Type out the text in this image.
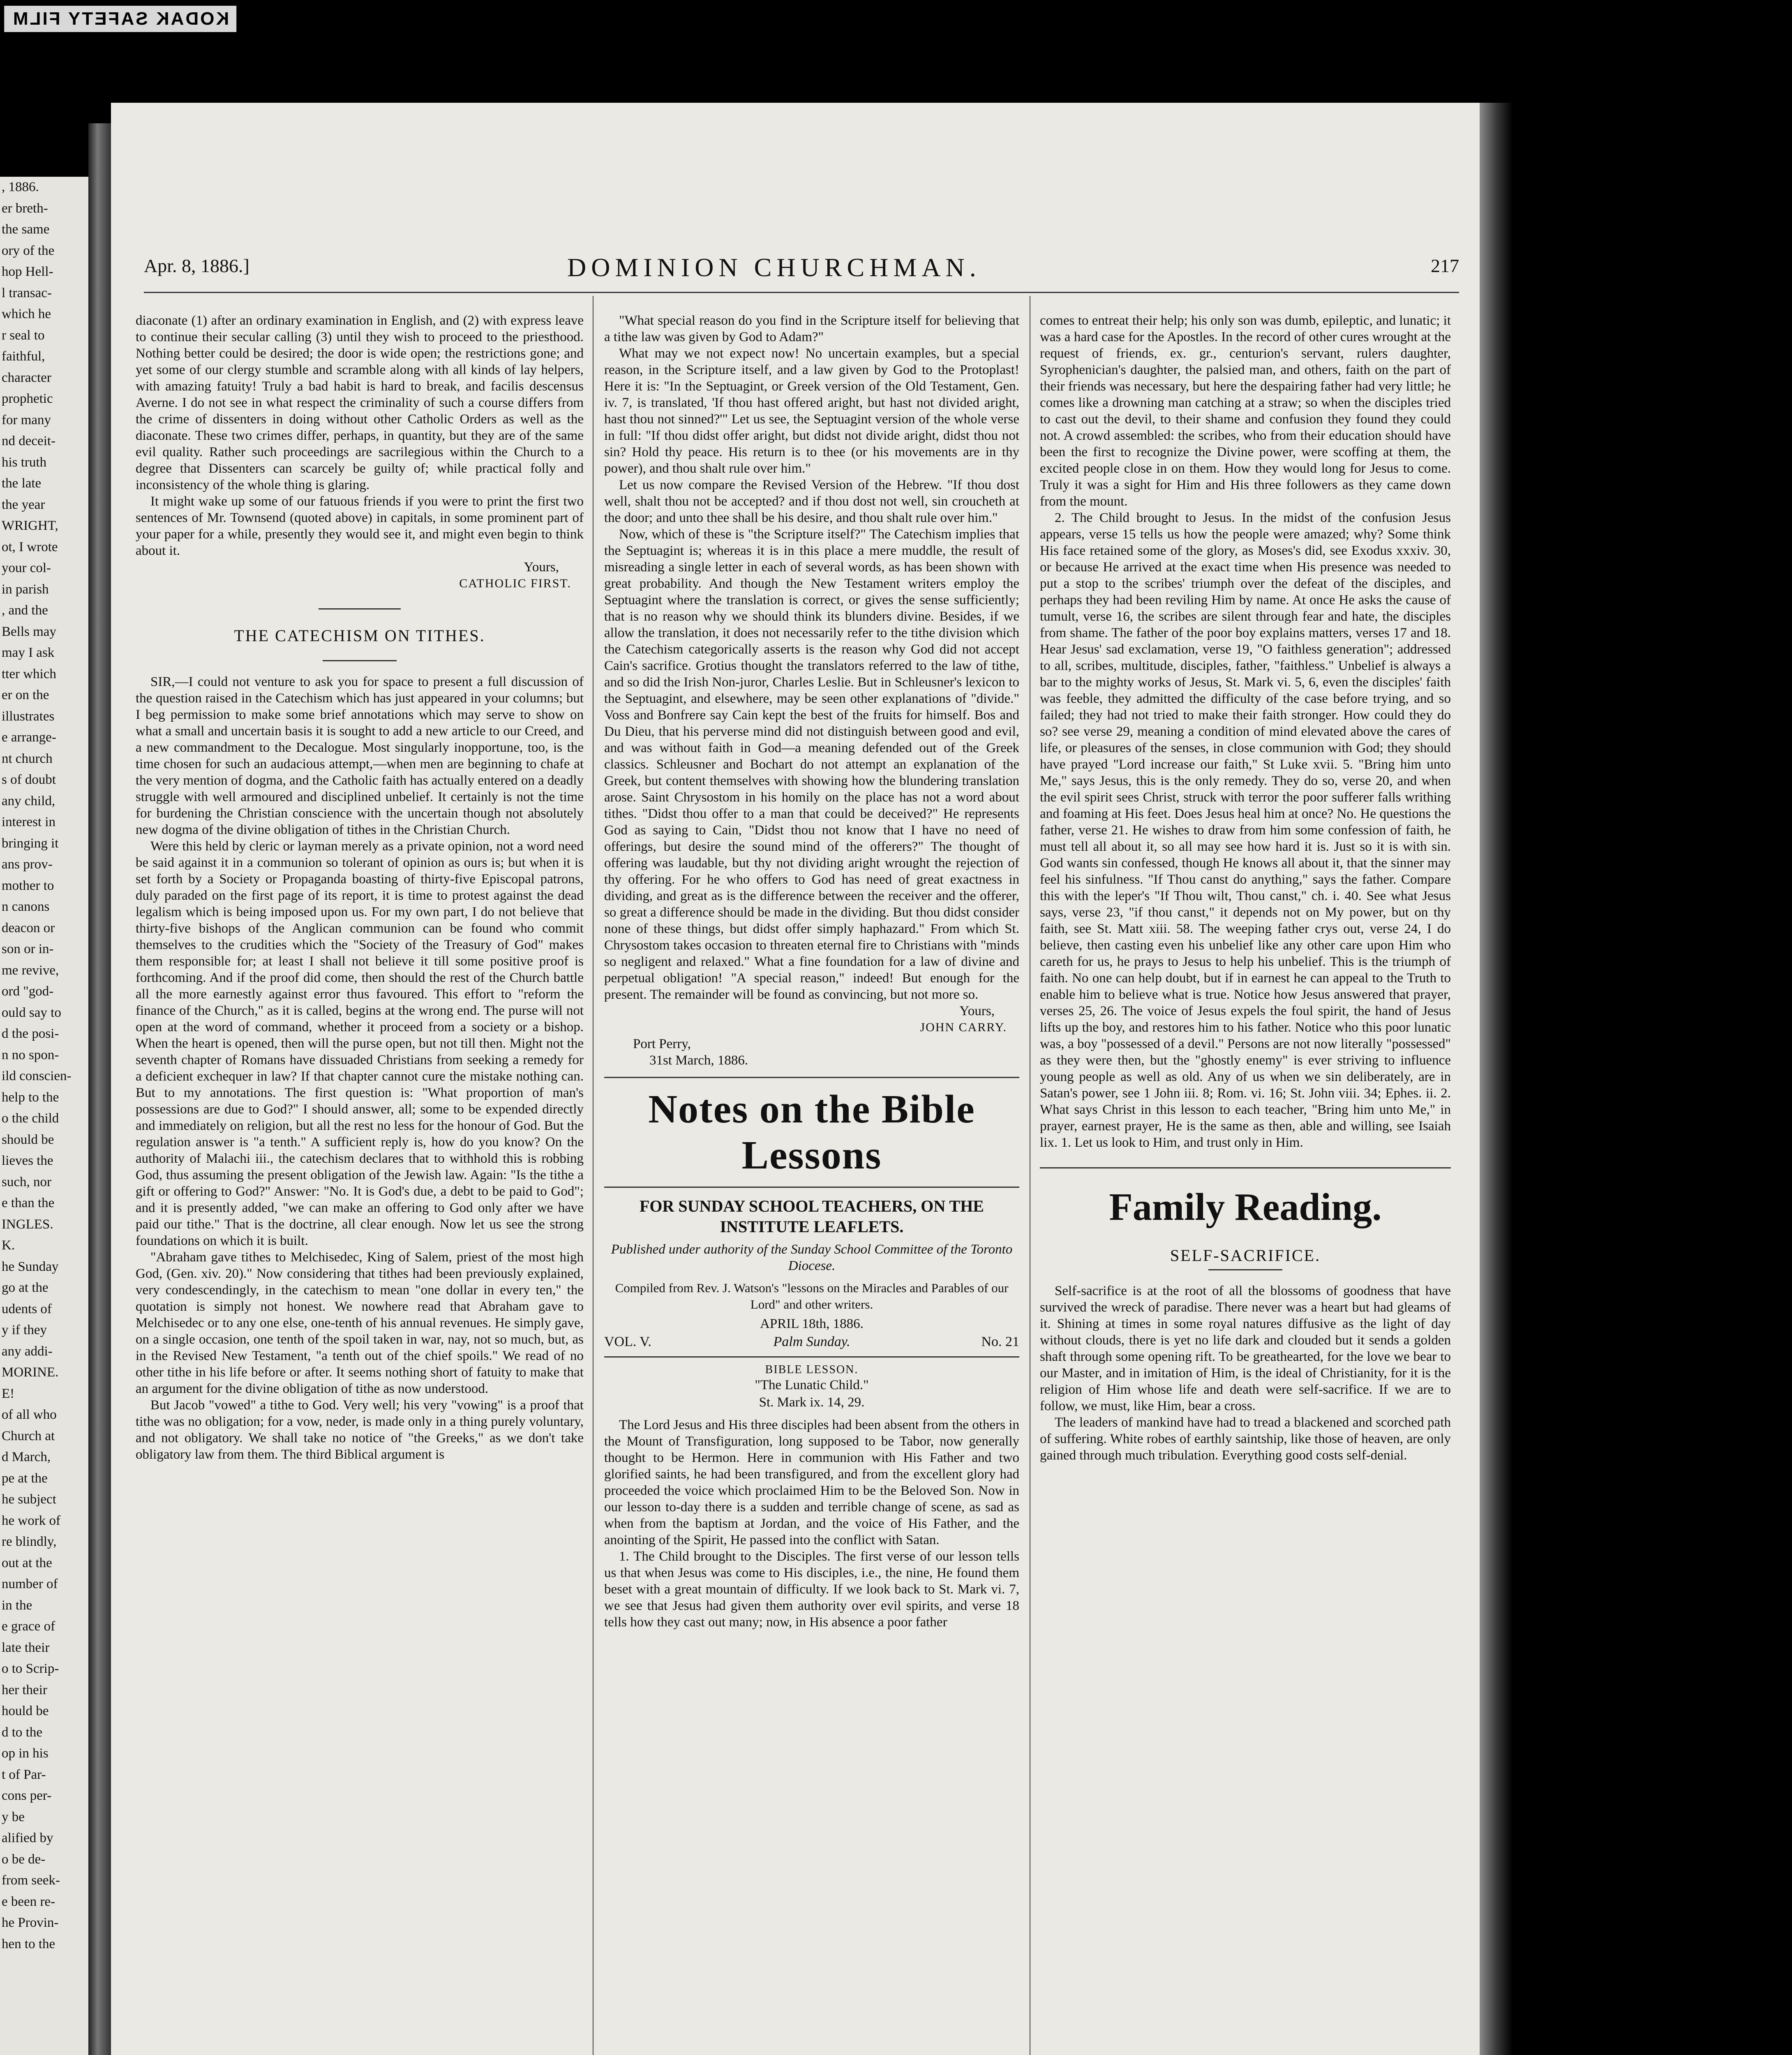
KODAK SAFETY FILM
, 1886.
er breth-
the same
ory of the
hop Hell-
l transac-
which he
r seal to
faithful,
character
prophetic
for many
nd deceit-
his truth
the late
the year
WRIGHT,
ot, I wrote
your col-
in parish
, and the
Bells may
may I ask
tter which
er on the
illustrates
e arrange-
nt church
s of doubt
any child,
interest in
bringing it
ans prov-
mother to
n canons
deacon or
son or in-
me revive,
ord "god-
ould say to
d the posi-
n no spon-
ild conscien-
help to the
o the child
should be
lieves the
such, nor
e than the
INGLES.
K.
he Sunday
go at the
udents of
y if they
any addi-
MORINE.
E!
of all who
Church at
d March,
pe at the
he subject
he work of
re blindly,
out at the
number of
in the
e grace of
late their
o to Scrip-
her their
hould be
d to the
op in his
t of Par-
cons per-
y be
alified by
o be de-
from seek-
e been re-
he Provin-
hen to the
Apr. 8, 1886.]	DOMINION CHURCHMAN.	217

diaconate (1) after an ordinary examination in English, and (2) with express leave to continue their secular calling (3) until they wish to proceed to the priesthood. Nothing better could be desired; the door is wide open; the restrictions gone; and yet some of our clergy stumble and scramble along with all kinds of lay helpers, with amazing fatuity! Truly a bad habit is hard to break, and facilis descensus Averne. I do not see in what respect the criminality of such a course differs from the crime of dissenters in doing without other Catholic Orders as well as the diaconate. These two crimes differ, perhaps, in quantity, but they are of the same evil quality. Rather such proceedings are sacrilegious within the Church to a degree that Dissenters can scarcely be guilty of; while practical folly and inconsistency of the whole thing is glaring.

It might wake up some of our fatuous friends if you were to print the first two sentences of Mr. Townsend (quoted above) in capitals, in some prominent part of your paper for a while, presently they would see it, and might even begin to think about it.

Yours,
CATHOLIC FIRST.
THE CATECHISM ON TITHES.

SIR,—I could not venture to ask you for space to present a full discussion of the question raised in the Catechism which has just appeared in your columns; but I beg permission to make some brief annotations which may serve to show on what a small and uncertain basis it is sought to add a new article to our Creed, and a new commandment to the Decalogue. Most singularly inopportune, too, is the time chosen for such an audacious attempt,—when men are beginning to chafe at the very mention of dogma, and the Catholic faith has actually entered on a deadly struggle with well armoured and disciplined unbelief. It certainly is not the time for burdening the Christian conscience with the uncertain though not absolutely new dogma of the divine obligation of tithes in the Christian Church.

Were this held by cleric or layman merely as a private opinion, not a word need be said against it in a communion so tolerant of opinion as ours is; but when it is set forth by a Society or Propaganda boasting of thirty-five Episcopal patrons, duly paraded on the first page of its report, it is time to protest against the dead legalism which is being imposed upon us. For my own part, I do not believe that thirty-five bishops of the Anglican communion can be found who commit themselves to the crudities which the "Society of the Treasury of God" makes them responsible for; at least I shall not believe it till some positive proof is forthcoming. And if the proof did come, then should the rest of the Church battle all the more earnestly against error thus favoured. This effort to "reform the finance of the Church," as it is called, begins at the wrong end. The purse will not open at the word of command, whether it proceed from a society or a bishop. When the heart is opened, then will the purse open, but not till then. Might not the seventh chapter of Romans have dissuaded Christians from seeking a remedy for a deficient exchequer in law? If that chapter cannot cure the mistake nothing can. But to my annotations. The first question is: "What proportion of man's possessions are due to God?" I should answer, all; some to be expended directly and immediately on religion, but all the rest no less for the honour of God. But the regulation answer is "a tenth." A sufficient reply is, how do you know? On the authority of Malachi iii., the catechism declares that to withhold this is robbing God, thus assuming the present obligation of the Jewish law. Again: "Is the tithe a gift or offering to God?" Answer: "No. It is God's due, a debt to be paid to God"; and it is presently added, "we can make an offering to God only after we have paid our tithe." That is the doctrine, all clear enough. Now let us see the strong foundations on which it is built.

"Abraham gave tithes to Melchisedec, King of Salem, priest of the most high God, (Gen. xiv. 20)." Now considering that tithes had been previously explained, very condescendingly, in the catechism to mean "one dollar in every ten," the quotation is simply not honest. We nowhere read that Abraham gave to Melchisedec or to any one else, one-tenth of his annual revenues. He simply gave, on a single occasion, one tenth of the spoil taken in war, nay, not so much, but, as in the Revised New Testament, "a tenth out of the chief spoils." We read of no other tithe in his life before or after. It seems nothing short of fatuity to make that an argument for the divine obligation of tithe as now understood.

But Jacob "vowed" a tithe to God. Very well; his very "vowing" is a proof that tithe was no obligation; for a vow, neder, is made only in a thing purely voluntary, and not obligatory. We shall take no notice of "the Greeks," as we don't take obligatory law from them. The third Biblical argument is

"What special reason do you find in the Scripture itself for believing that a tithe law was given by God to Adam?"

What may we not expect now! No uncertain examples, but a special reason, in the Scripture itself, and a law given by God to the Protoplast! Here it is: "In the Septuagint, or Greek version of the Old Testament, Gen. iv. 7, is translated, 'If thou hast offered aright, but hast not divided aright, hast thou not sinned?'" Let us see, the Septuagint version of the whole verse in full: "If thou didst offer aright, but didst not divide aright, didst thou not sin? Hold thy peace. His return is to thee (or his movements are in thy power), and thou shalt rule over him."

Let us now compare the Revised Version of the Hebrew. "If thou dost well, shalt thou not be accepted? and if thou dost not well, sin croucheth at the door; and unto thee shall be his desire, and thou shalt rule over him."

Now, which of these is "the Scripture itself?" The Catechism implies that the Septuagint is; whereas it is in this place a mere muddle, the result of misreading a single letter in each of several words, as has been shown with great probability. And though the New Testament writers employ the Septuagint where the translation is correct, or gives the sense sufficiently; that is no reason why we should think its blunders divine. Besides, if we allow the translation, it does not necessarily refer to the tithe division which the Catechism categorically asserts is the reason why God did not accept Cain's sacrifice. Grotius thought the translators referred to the law of tithe, and so did the Irish Non-juror, Charles Leslie. But in Schleusner's lexicon to the Septuagint, and elsewhere, may be seen other explanations of "divide." Voss and Bonfrere say Cain kept the best of the fruits for himself. Bos and Du Dieu, that his perverse mind did not distinguish between good and evil, and was without faith in God—a meaning defended out of the Greek classics. Schleusner and Bochart do not attempt an explanation of the Greek, but content themselves with showing how the blundering translation arose. Saint Chrysostom in his homily on the place has not a word about tithes. "Didst thou offer to a man that could be deceived?" He represents God as saying to Cain, "Didst thou not know that I have no need of offerings, but desire the sound mind of the offerers?" The thought of offering was laudable, but thy not dividing aright wrought the rejection of thy offering. For he who offers to God has need of great exactness in dividing, and great as is the difference between the receiver and the offerer, so great a difference should be made in the dividing. But thou didst consider none of these things, but didst offer simply haphazard." From which St. Chrysostom takes occasion to threaten eternal fire to Christians with "minds so negligent and relaxed." What a fine foundation for a law of divine and perpetual obligation! "A special reason," indeed! But enough for the present. The remainder will be found as convincing, but not more so.

Yours,
JOHN CARRY.
Port Perry,
31st March, 1886.
Notes on the Bible Lessons
FOR SUNDAY SCHOOL TEACHERS, ON THE INSTITUTE LEAFLETS.
Published under authority of the Sunday School Committee of the Toronto Diocese.
Compiled from Rev. J. Watson's "lessons on the Miracles and Parables of our Lord" and other writers.
APRIL 18th, 1886.
VOL. V.	Palm Sunday.	No. 21
BIBLE LESSON.
"The Lunatic Child."
St. Mark ix. 14, 29.

The Lord Jesus and His three disciples had been absent from the others in the Mount of Transfiguration, long supposed to be Tabor, now generally thought to be Hermon. Here in communion with His Father and two glorified saints, he had been transfigured, and from the excellent glory had proceeded the voice which proclaimed Him to be the Beloved Son. Now in our lesson to-day there is a sudden and terrible change of scene, as sad as when from the baptism at Jordan, and the voice of His Father, and the anointing of the Spirit, He passed into the conflict with Satan.

1. The Child brought to the Disciples. The first verse of our lesson tells us that when Jesus was come to His disciples, i.e., the nine, He found them beset with a great mountain of difficulty. If we look back to St. Mark vi. 7, we see that Jesus had given them authority over evil spirits, and verse 18 tells how they cast out many; now, in His absence a poor father

comes to entreat their help; his only son was dumb, epileptic, and lunatic; it was a hard case for the Apostles. In the record of other cures wrought at the request of friends, ex. gr., centurion's servant, rulers daughter, Syrophenician's daughter, the palsied man, and others, faith on the part of their friends was necessary, but here the despairing father had very little; he comes like a drowning man catching at a straw; so when the disciples tried to cast out the devil, to their shame and confusion they found they could not. A crowd assembled: the scribes, who from their education should have been the first to recognize the Divine power, were scoffing at them, the excited people close in on them. How they would long for Jesus to come. Truly it was a sight for Him and His three followers as they came down from the mount.

2. The Child brought to Jesus. In the midst of the confusion Jesus appears, verse 15 tells us how the people were amazed; why? Some think His face retained some of the glory, as Moses's did, see Exodus xxxiv. 30, or because He arrived at the exact time when His presence was needed to put a stop to the scribes' triumph over the defeat of the disciples, and perhaps they had been reviling Him by name. At once He asks the cause of tumult, verse 16, the scribes are silent through fear and hate, the disciples from shame. The father of the poor boy explains matters, verses 17 and 18. Hear Jesus' sad exclamation, verse 19, "O faithless generation"; addressed to all, scribes, multitude, disciples, father, "faithless." Unbelief is always a bar to the mighty works of Jesus, St. Mark vi. 5, 6, even the disciples' faith was feeble, they admitted the difficulty of the case before trying, and so failed; they had not tried to make their faith stronger. How could they do so? see verse 29, meaning a condition of mind elevated above the cares of life, or pleasures of the senses, in close communion with God; they should have prayed "Lord increase our faith," St Luke xvii. 5. "Bring him unto Me," says Jesus, this is the only remedy. They do so, verse 20, and when the evil spirit sees Christ, struck with terror the poor sufferer falls writhing and foaming at His feet. Does Jesus heal him at once? No. He questions the father, verse 21. He wishes to draw from him some confession of faith, he must tell all about it, so all may see how hard it is. Just so it is with sin. God wants sin confessed, though He knows all about it, that the sinner may feel his sinfulness. "If Thou canst do anything," says the father. Compare this with the leper's "If Thou wilt, Thou canst," ch. i. 40. See what Jesus says, verse 23, "if thou canst," it depends not on My power, but on thy faith, see St. Matt xiii. 58. The weeping father crys out, verse 24, I do believe, then casting even his unbelief like any other care upon Him who careth for us, he prays to Jesus to help his unbelief. This is the triumph of faith. No one can help doubt, but if in earnest he can appeal to the Truth to enable him to believe what is true. Notice how Jesus answered that prayer, verses 25, 26. The voice of Jesus expels the foul spirit, the hand of Jesus lifts up the boy, and restores him to his father. Notice who this poor lunatic was, a boy "possessed of a devil." Persons are not now literally "possessed" as they were then, but the "ghostly enemy" is ever striving to influence young people as well as old. Any of us when we sin deliberately, are in Satan's power, see 1 John iii. 8; Rom. vi. 16; St. John viii. 34; Ephes. ii. 2. What says Christ in this lesson to each teacher, "Bring him unto Me," in prayer, earnest prayer, He is the same as then, able and willing, see Isaiah lix. 1. Let us look to Him, and trust only in Him.

Family Reading.
SELF-SACRIFICE.

Self-sacrifice is at the root of all the blossoms of goodness that have survived the wreck of paradise. There never was a heart but had gleams of it. Shining at times in some royal natures diffusive as the light of day without clouds, there is yet no life dark and clouded but it sends a golden shaft through some opening rift. To be greathearted, for the love we bear to our Master, and in imitation of Him, is the ideal of Christianity, for it is the religion of Him whose life and death were self-sacrifice. If we are to follow, we must, like Him, bear a cross.

The leaders of mankind have had to tread a blackened and scorched path of suffering. White robes of earthly saintship, like those of heaven, are only gained through much tribulation. Everything good costs self-denial.
